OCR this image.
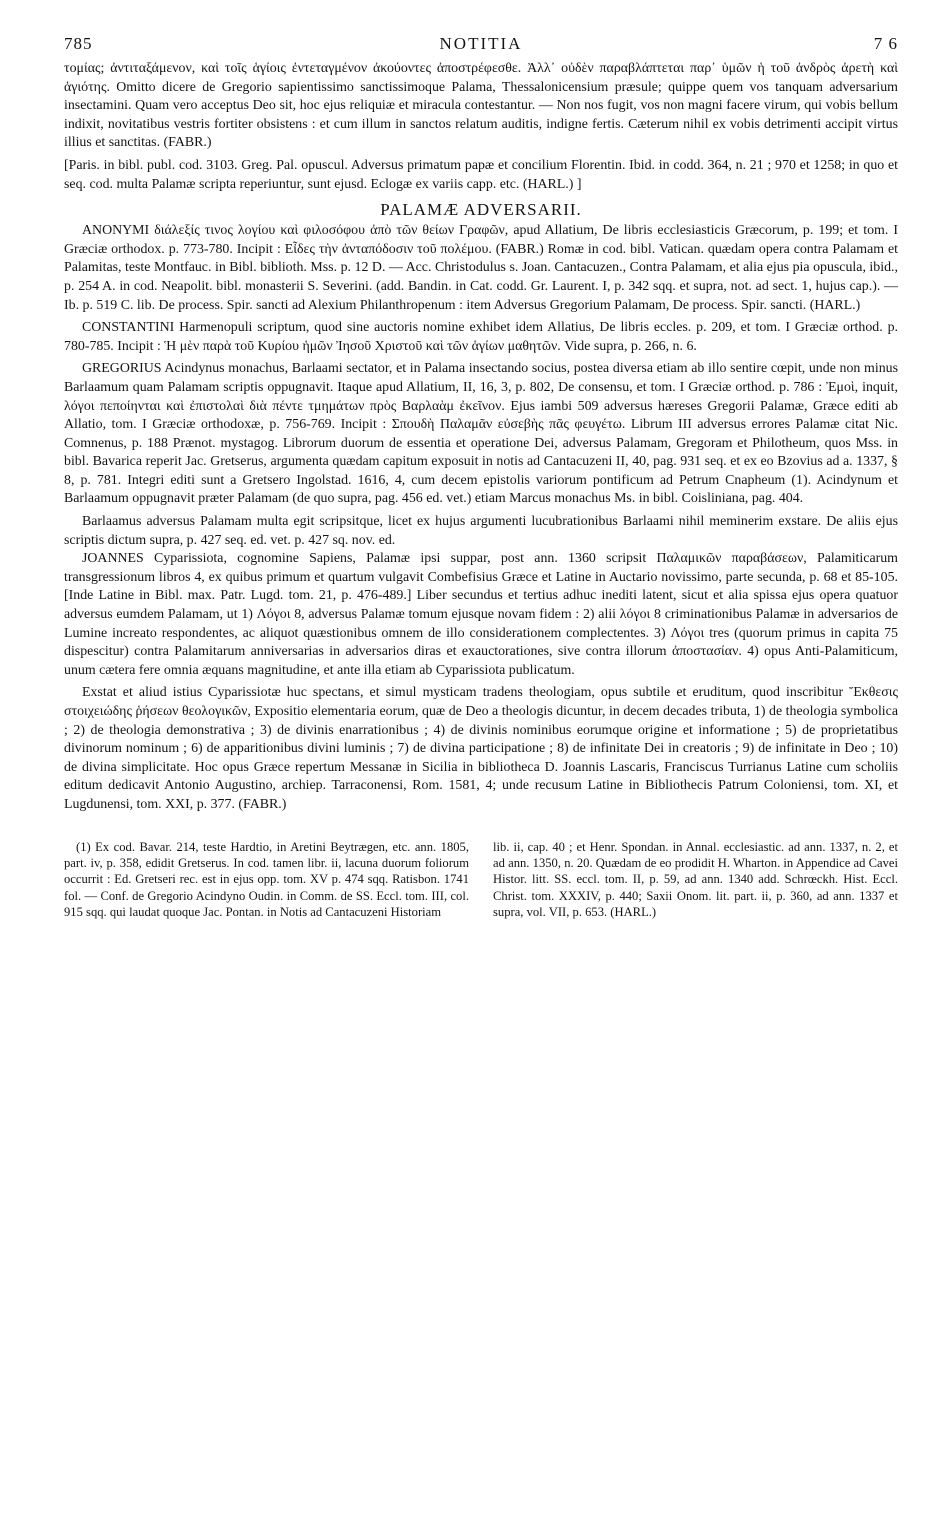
785	NOTITIA	7 6

τομίας; ἀντιταξάμενον, καὶ τοῖς ἁγίοις ἐντεταγμένον ἀκούοντες ἀποστρέφεσθε. Ἀλλ᾽ οὐδὲν παραβλάπτεται παρ᾽ ὑμῶν ἡ τοῦ ἀνδρὸς ἀρετὴ καὶ ἁγιότης. Omitto dicere de Gregorio sapientissimo sanctissimoque Palama, Thessalonicensium præsule; quippe quem vos tanquam adversarium insectamini. Quam vero acceptus Deo sit, hoc ejus reliquiæ et miracula contestantur. — Non nos fugit, vos non magni facere virum, qui vobis bellum indixit, novitatibus vestris fortiter obsistens : et cum illum in sanctos relatum auditis, indigne fertis. Cæterum nihil ex vobis detrimenti accipit virtus illius et sanctitas. (FABR.)

[Paris. in bibl. publ. cod. 3103. Greg. Pal. opuscul. Adversus primatum papæ et concilium Florentin. Ibid. in codd. 364, n. 21 ; 970 et 1258; in quo et seq. cod. multa Palamæ scripta reperiuntur, sunt ejusd. Eclogæ ex variis capp. etc. (HARL.) ]

PALAMÆ ADVERSARII.

ANONYMI διάλεξίς τινος λογίου καὶ φιλοσόφου ἀπὸ τῶν θείων Γραφῶν, apud Allatium, De libris ecclesiasticis Græcorum, p. 199; et tom. I Græciæ orthodox. p. 773-780. Incipit : Εἶδες τὴν ἀνταπόδοσιν τοῦ πολέμου. (FABR.) Romæ in cod. bibl. Vatican. quædam opera contra Palamam et Palamitas, teste Montfauc. in Bibl. biblioth. Mss. p. 12 D. — Acc. Christodulus s. Joan. Cantacuzen., Contra Palamam, et alia ejus pia opuscula, ibid., p. 254 A. in cod. Neapolit. bibl. monasterii S. Severini. (add. Bandin. in Cat. codd. Gr. Laurent. I, p. 342 sqq. et supra, not. ad sect. 1, hujus cap.). — Ib. p. 519 C. lib. De process. Spir. sancti ad Alexium Philanthropenum : item Adversus Gregorium Palamam, De process. Spir. sancti. (HARL.)

CONSTANTINI Harmenopuli scriptum, quod sine auctoris nomine exhibet idem Allatius, De libris eccles. p. 209, et tom. I Græciæ orthod. p. 780-785. Incipit : Ἡ μὲν παρὰ τοῦ Κυρίου ἡμῶν Ἰησοῦ Χριστοῦ καὶ τῶν ἁγίων μαθητῶν. Vide supra, p. 266, n. 6.

GREGORIUS Acindynus monachus, Barlaami sectator, et in Palama insectando socius, postea diversa etiam ab illo sentire cœpit, unde non minus Barlaamum quam Palamam scriptis oppugnavit. Itaque apud Allatium, II, 16, 3, p. 802, De consensu, et tom. I Græciæ orthod. p. 786 : Ἐμοὶ, inquit, λόγοι πεποίηνται καὶ ἐπιστολαὶ διὰ πέντε τμημάτων πρὸς Βαρλαὰμ ἐκεῖνον. Ejus iambi 509 adversus hæreses Gregorii Palamæ, Græce editi ab Allatio, tom. I Græciæ orthodoxæ, p. 756-769. Incipit : Σπουδὴ Παλαμᾶν εὐσεβὴς πᾶς φευγέτω. Librum III adversus errores Palamæ citat Nic. Comnenus, p. 188 Prænot. mystagog. Librorum duorum de essentia et operatione Dei, adversus Palamam, Gregoram et Philotheum, quos Mss. in bibl. Bavarica reperit Jac. Gretserus, argumenta quædam capitum exposuit in notis ad Cantacuzeni II, 40, pag. 931 seq. et ex eo Bzovius ad a. 1337, § 8, p. 781. Integri editi sunt a Gretsero Ingolstad. 1616, 4, cum decem epistolis variorum pontificum ad Petrum Cnapheum (1). Acindynum et Barlaamum oppugnavit præter Palamam (de quo supra, pag. 456 ed. vet.) etiam Marcus monachus Ms. in bibl. Coisliniana, pag. 404.

Barlaamus adversus Palamam multa egit scripsitque, licet ex hujus argumenti lucubrationibus Barlaami nihil meminerim exstare. De aliis ejus scriptis dictum supra, p. 427 seq. ed. vet. p. 427 sq. nov. ed.

JOANNES Cyparissiota, cognomine Sapiens, Palamæ ipsi suppar, post ann. 1360 scripsit Παλαμικῶν παραβάσεων, Palamiticarum transgressionum libros 4, ex quibus primum et quartum vulgavit Combefisius Græce et Latine in Auctario novissimo, parte secunda, p. 68 et 85-105. [Inde Latine in Bibl. max. Patr. Lugd. tom. 21, p. 476-489.] Liber secundus et tertius adhuc inediti latent, sicut et alia spissa ejus opera quatuor adversus eumdem Palamam, ut 1) Λόγοι 8, adversus Palamæ tomum ejusque novam fidem : 2) alii λόγοι 8 criminationibus Palamæ in adversarios de Lumine increato respondentes, ac aliquot quæstionibus omnem de illo considerationem complectentes. 3) Λόγοι tres (quorum primus in capita 75 dispescitur) contra Palamitarum anniversarias in adversarios diras et exauctorationes, sive contra illorum ἀποστασίαν. 4) opus Anti-Palamiticum, unum cætera fere omnia æquans magnitudine, et ante illa etiam ab Cyparissiota publicatum.

Exstat et aliud istius Cyparissiotæ huc spectans, et simul mysticam tradens theologiam, opus subtile et eruditum, quod inscribitur Ἔκθεσις στοιχειώδης ῥήσεων θεολογικῶν, Expositio elementaria eorum, quæ de Deo a theologis dicuntur, in decem decades tributa, 1) de theologia symbolica ; 2) de theologia demonstrativa ; 3) de divinis enarrationibus ; 4) de divinis nominibus eorumque origine et informatione ; 5) de proprietatibus divinorum nominum ; 6) de apparitionibus divini luminis ; 7) de divina participatione ; 8) de infinitate Dei in creatoris ; 9) de infinitate in Deo ; 10) de divina simplicitate. Hoc opus Græce repertum Messanæ in Sicilia in bibliotheca D. Joannis Lascaris, Franciscus Turrianus Latine cum scholiis editum dedicavit Antonio Augustino, archiep. Tarraconensi, Rom. 1581, 4; unde recusum Latine in Bibliothecis Patrum Coloniensi, tom. XI, et Lugdunensi, tom. XXI, p. 377. (FABR.)

(1) Ex cod. Bavar. 214, teste Hardtio, in Aretini Beytrægen, etc. ann. 1805, part. iv, p. 358, edidit Gretserus. In cod. tamen libr. ii, lacuna duorum foliorum occurrit : Ed. Gretseri rec. est in ejus opp. tom. XV p. 474 sqq. Ratisbon. 1741 fol. — Conf. de Gregorio Acindyno Oudin. in Comm. de SS. Eccl. tom. III, col. 915 sqq. qui laudat quoque Jac. Pontan. in Notis ad Cantacuzeni Historiam

lib. ii, cap. 40 ; et Henr. Spondan. in Annal. ecclesiastic. ad ann. 1337, n. 2, et ad ann. 1350, n. 20. Quædam de eo prodidit H. Wharton. in Appendice ad Cavei Histor. litt. SS. eccl. tom. II, p. 59, ad ann. 1340 add. Schrœckh. Hist. Eccl. Christ. tom. XXXIV, p. 440; Saxii Onom. lit. part. ii, p. 360, ad ann. 1337 et supra, vol. VII, p. 653. (HARL.)
